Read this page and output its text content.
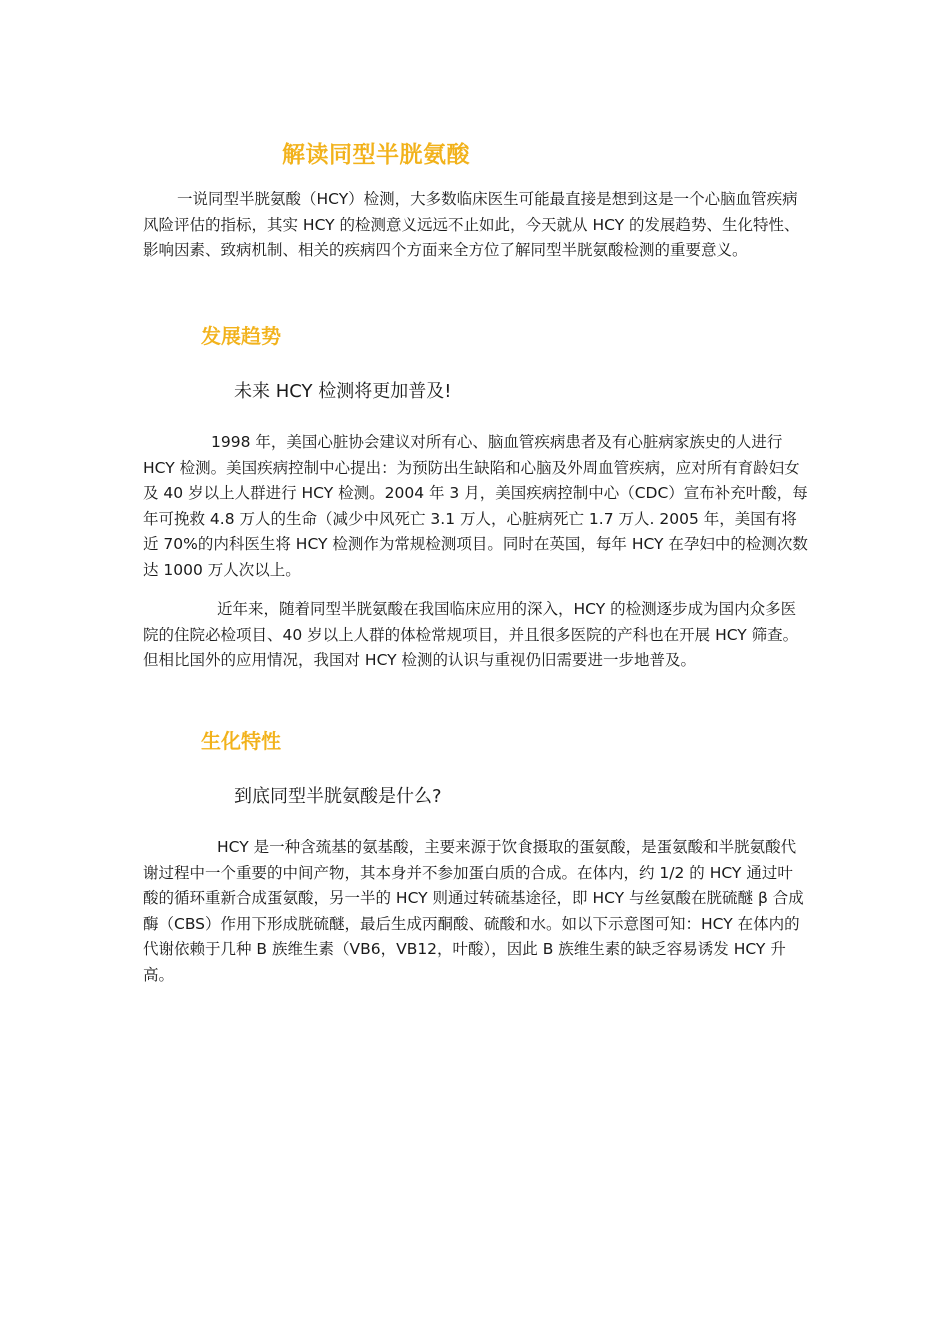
解读同型半胱氨酸

一说同型半胱氨酸（HCY）检测，大多数临床医生可能最直接是想到这是一个心脑血管疾病风险评估的指标，其实 HCY 的检测意义远远不止如此，今天就从 HCY 的发展趋势、生化特性、影响因素、致病机制、相关的疾病四个方面来全方位了解同型半胱氨酸检测的重要意义。

发展趋势
未来 HCY 检测将更加普及!

1998 年，美国心脏协会建议对所有心、脑血管疾病患者及有心脏病家族史的人进行 HCY 检测。美国疾病控制中心提出：为预防出生缺陷和心脑及外周血管疾病，应对所有育龄妇女及 40 岁以上人群进行 HCY 检测。2004 年 3 月，美国疾病控制中心（CDC）宣布补充叶酸，每年可挽救 4.8 万人的生命（减少中风死亡 3.1 万人，心脏病死亡 1.7 万人. 2005 年，美国有将近 70%的内科医生将 HCY 检测作为常规检测项目。同时在英国，每年 HCY 在孕妇中的检测次数达 1000 万人次以上。

近年来，随着同型半胱氨酸在我国临床应用的深入，HCY 的检测逐步成为国内众多医院的住院必检项目、40 岁以上人群的体检常规项目，并且很多医院的产科也在开展 HCY 筛查。但相比国外的应用情况，我国对 HCY 检测的认识与重视仍旧需要进一步地普及。

生化特性
到底同型半胱氨酸是什么?

HCY 是一种含巯基的氨基酸，主要来源于饮食摄取的蛋氨酸，是蛋氨酸和半胱氨酸代谢过程中一个重要的中间产物，其本身并不参加蛋白质的合成。在体内，约 1/2 的 HCY 通过叶酸的循环重新合成蛋氨酸，另一半的 HCY 则通过转硫基途径，即 HCY 与丝氨酸在胱硫醚 β 合成酶（CBS）作用下形成胱硫醚，最后生成丙酮酸、硫酸和水。如以下示意图可知：HCY 在体内的代谢依赖于几种 B 族维生素（VB6，VB12，叶酸），因此 B 族维生素的缺乏容易诱发 HCY 升高。
